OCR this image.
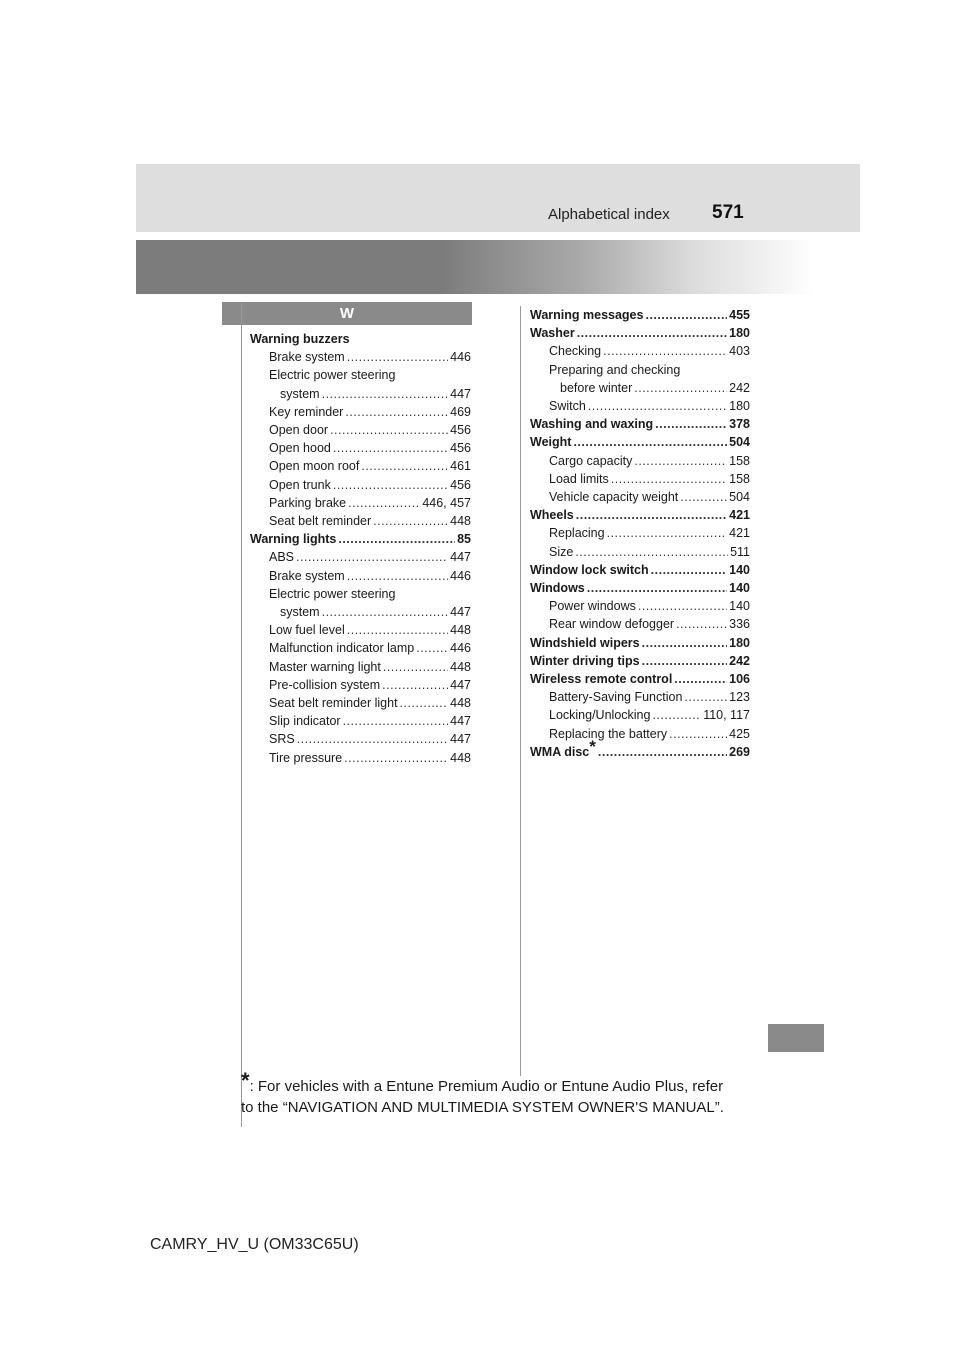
Alphabetical index 571
W
Warning buzzers
Brake system .....	446
Electric power steering
system .....	447
Key reminder .....	469
Open door .....	456
Open hood .....	456
Open moon roof .....	461
Open trunk .....	456
Parking brake .....	446, 457
Seat belt reminder .....	448
Warning lights .....	85
ABS .....	447
Brake system .....	446
Electric power steering
system .....	447
Low fuel level .....	448
Malfunction indicator lamp .....	446
Master warning light .....	448
Pre-collision system .....	447
Seat belt reminder light .....	448
Slip indicator .....	447
SRS .....	447
Tire pressure .....	448
Warning messages .....	455
Washer .....	180
Checking .....	403
Preparing and checking
before winter .....	242
Switch .....	180
Washing and waxing .....	378
Weight .....	504
Cargo capacity .....	158
Load limits .....	158
Vehicle capacity weight .....	504
Wheels .....	421
Replacing .....	421
Size .....	511
Window lock switch .....	140
Windows .....	140
Power windows .....	140
Rear window defogger .....	336
Windshield wipers .....	180
Winter driving tips .....	242
Wireless remote control .....	106
Battery-Saving Function .....	123
Locking/Unlocking .....	110, 117
Replacing the battery .....	425
WMA disc* .....	269
*: For vehicles with a Entune Premium Audio or Entune Audio Plus, refer
to the “NAVIGATION AND MULTIMEDIA SYSTEM OWNER'S MANUAL”.
CAMRY_HV_U (OM33C65U)
